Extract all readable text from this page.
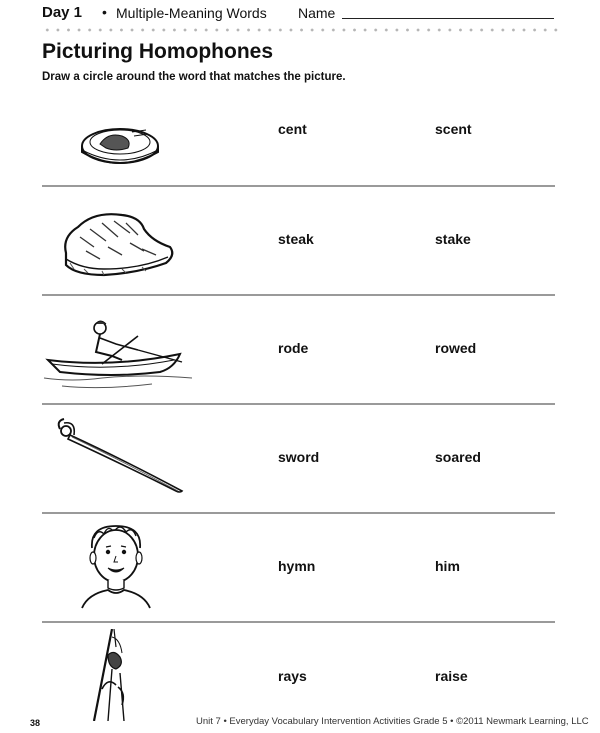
Day 1 • Multiple-Meaning Words Name
Picturing Homophones

Draw a circle around the word that matches the picture.

cent	scent
steak	stake
rode	rowed
sword	soared
hymn	him
rays	raise
38	Unit 7 • Everyday Vocabulary Intervention Activities Grade 5 • ©2011 Newmark Learning, LLC
